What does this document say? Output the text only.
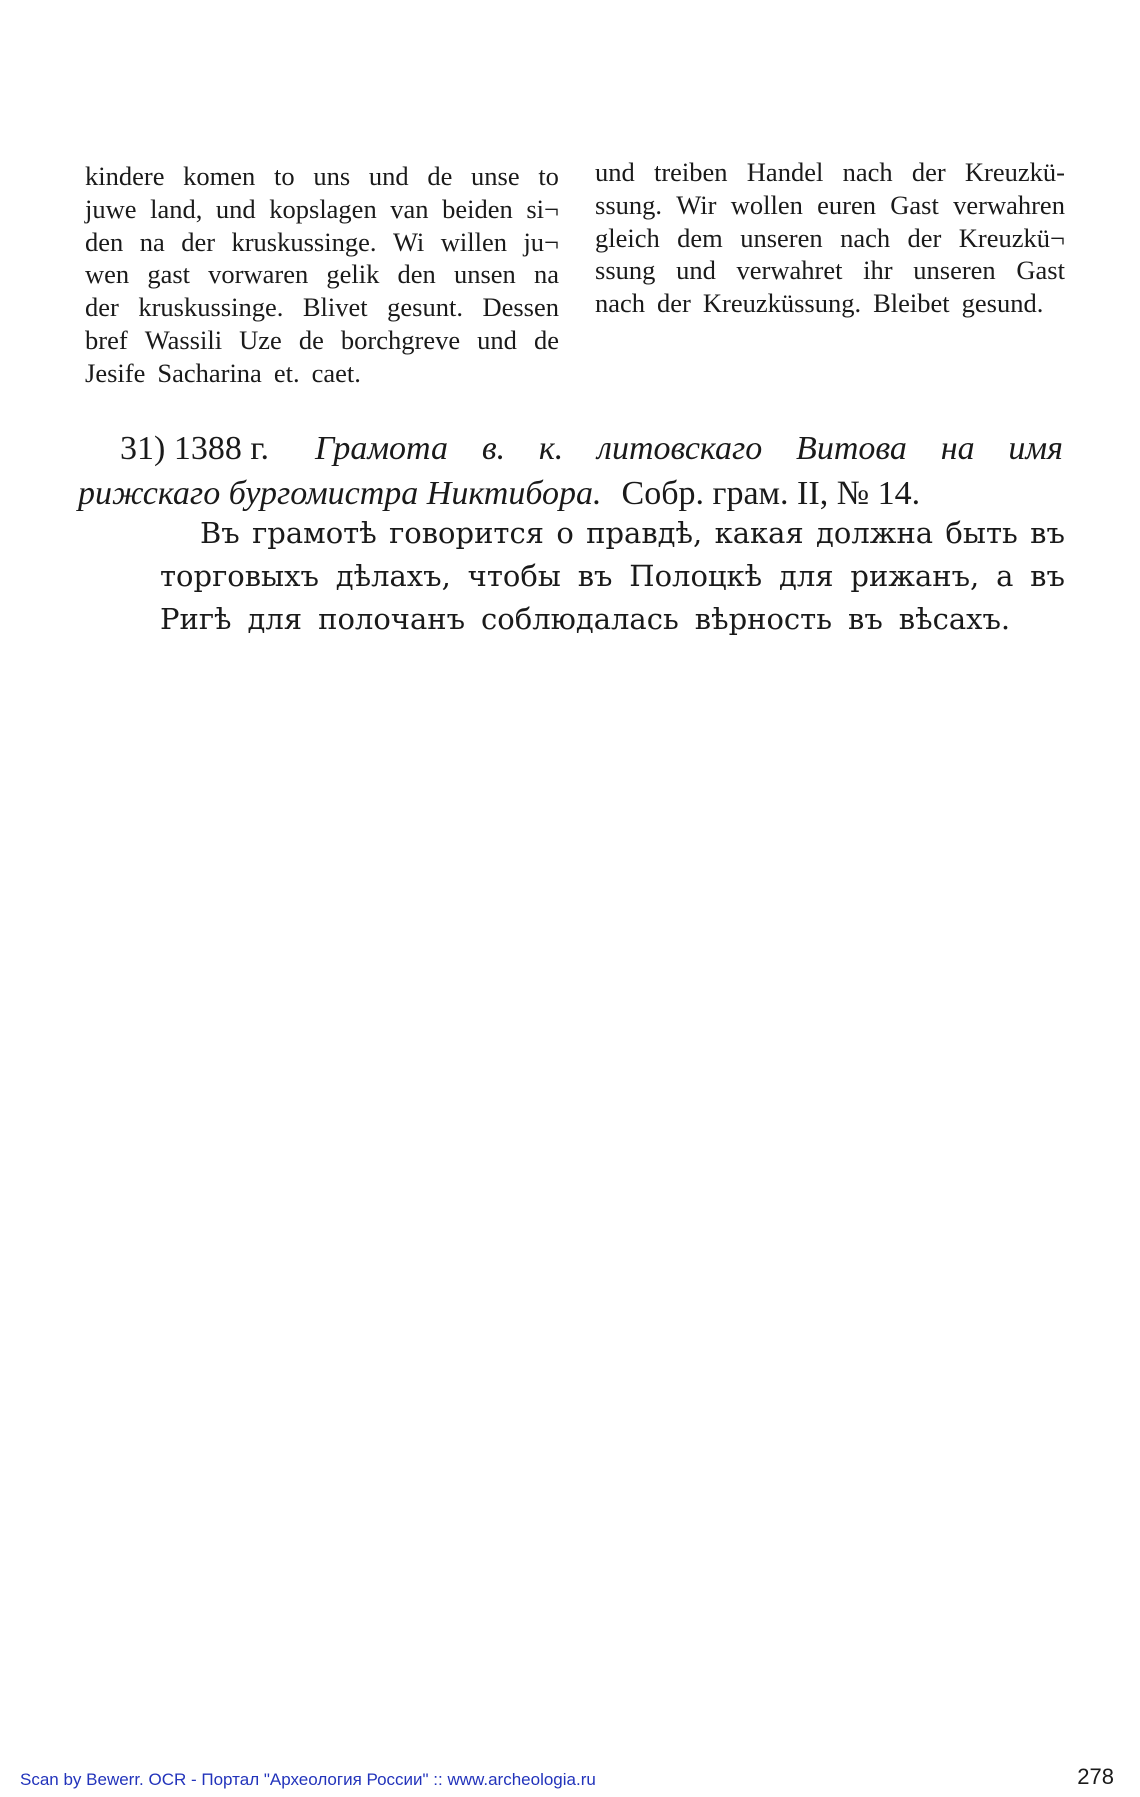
kindere komen to uns und de unse to
juwe land, und kopslagen van beiden si¬
den na der kruskussinge. Wi willen ju¬
wen gast vorwaren gelik den unsen na
der kruskussinge. Blivet gesunt. Dessen
bref Wassili Uze de borchgreve und de
Jesife Sacharina et. caet.
und treiben Handel nach der Kreuzkü-
ssung. Wir wollen euren Gast verwahren
gleich dem unseren nach der Kreuzkü¬
ssung und verwahret ihr unseren Gast
nach der Kreuzküssung. Bleibet gesund.
31) 1388 г. Грамота в. к. литовскаго Витова на имя
рижскаго бургомистра Никтибора. Собр. грам. II, № 14.
Въ грамотѣ говорится о правдѣ, какая должна быть въ
торговыхъ дѣлахъ, чтобы въ Полоцкѣ для рижанъ, а въ
Ригѣ для полочанъ соблюдалась вѣрность въ вѣсахъ.
Scan by Bewerr. OCR - Портал "Археология России" :: www.archeologia.ru	278
